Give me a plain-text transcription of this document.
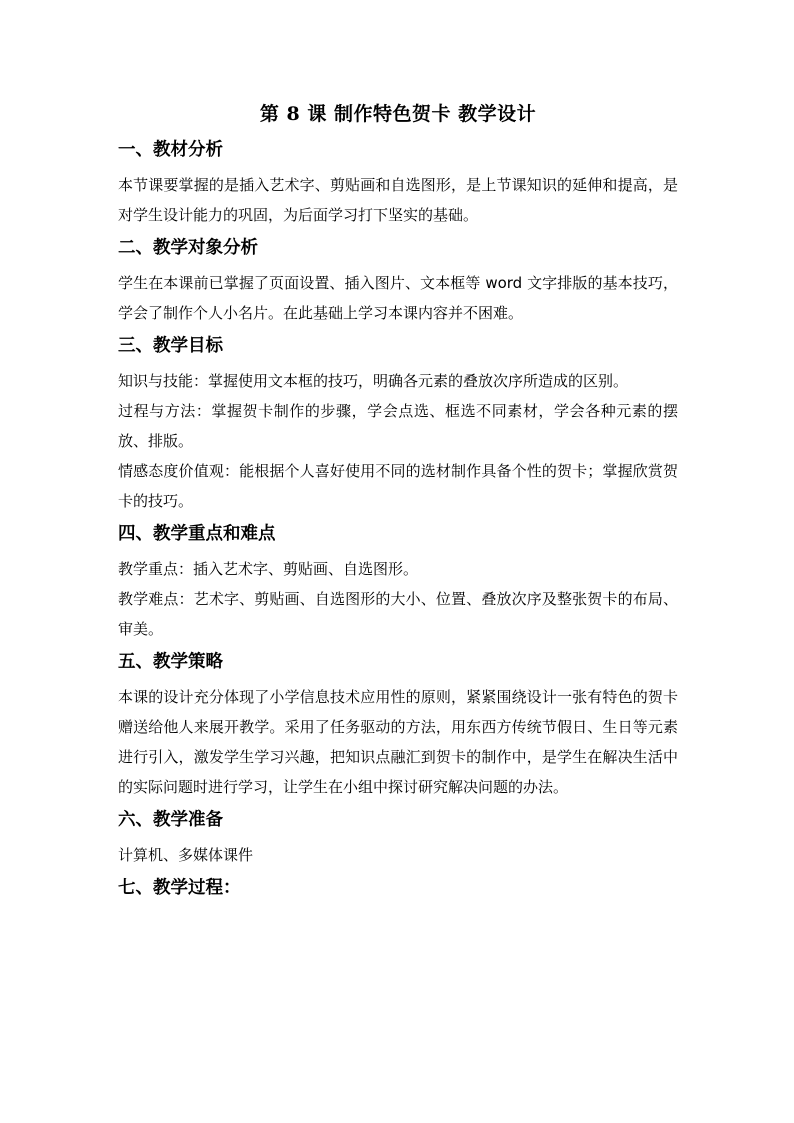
第 8 课 制作特色贺卡 教学设计
一、教材分析

本节课要掌握的是插入艺术字、剪贴画和自选图形，是上节课知识的延伸和提高，是对学生设计能力的巩固，为后面学习打下坚实的基础。

二、教学对象分析

学生在本课前已掌握了页面设置、插入图片、文本框等 word 文字排版的基本技巧，学会了制作个人小名片。在此基础上学习本课内容并不困难。

三、教学目标

知识与技能：掌握使用文本框的技巧，明确各元素的叠放次序所造成的区别。

过程与方法：掌握贺卡制作的步骤，学会点选、框选不同素材，学会各种元素的摆放、排版。

情感态度价值观：能根据个人喜好使用不同的选材制作具备个性的贺卡；掌握欣赏贺卡的技巧。

四、教学重点和难点

教学重点：插入艺术字、剪贴画、自选图形。

教学难点：艺术字、剪贴画、自选图形的大小、位置、叠放次序及整张贺卡的布局、审美。

五、教学策略

本课的设计充分体现了小学信息技术应用性的原则，紧紧围绕设计一张有特色的贺卡赠送给他人来展开教学。采用了任务驱动的方法，用东西方传统节假日、生日等元素进行引入，激发学生学习兴趣，把知识点融汇到贺卡的制作中，是学生在解决生活中的实际问题时进行学习，让学生在小组中探讨研究解决问题的办法。

六、教学准备

计算机、多媒体课件

七、教学过程：
